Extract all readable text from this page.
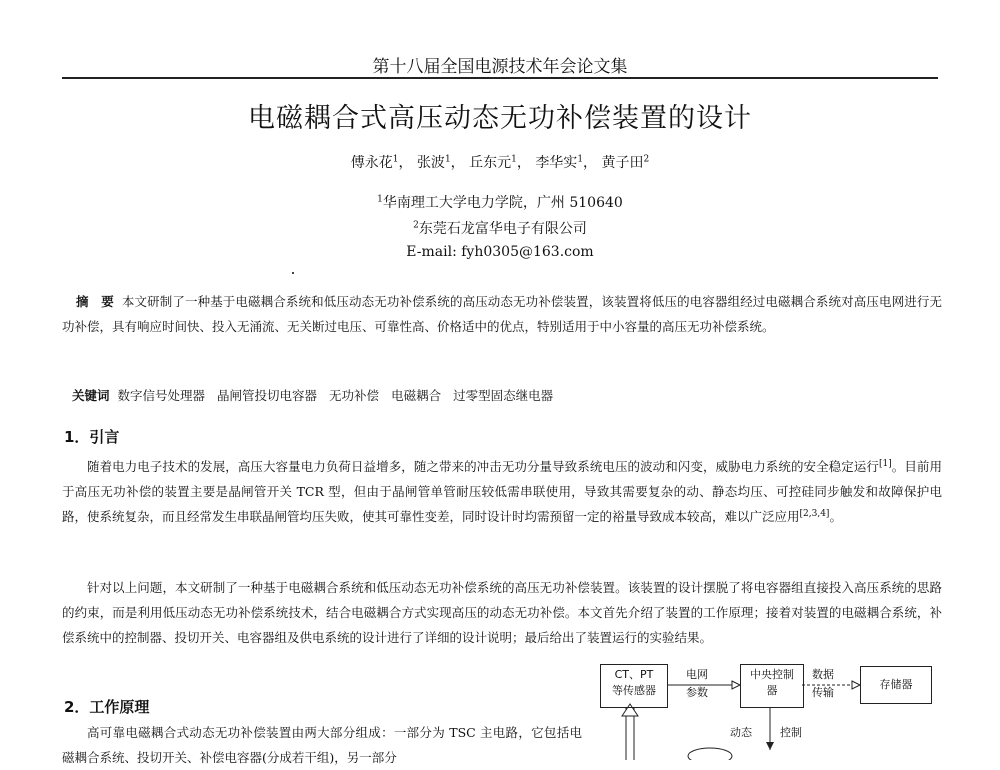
第十八届全国电源技术年会论文集
电磁耦合式高压动态无功补偿装置的设计
傅永花$^1$， 张波$^1$， 丘东元$^1$， 李华实$^1$， 黄子田$^2$
$^1$华南理工大学电力学院，广州 510640
$^2$东莞石龙富华电子有限公司
E-mail: fyh0305@163.com
摘　要 本文研制了一种基于电磁耦合系统和低压动态无功补偿系统的高压动态无功补偿装置，该装置将低压的电容器组经过电磁耦合系统对高压电网进行无功补偿，具有响应时间快、投入无涌流、无关断过电压、可靠性高、价格适中的优点，特别适用于中小容量的高压无功补偿系统。
关键词 数字信号处理器 晶闸管投切电容器 无功补偿 电磁耦合 过零型固态继电器
1．引言
随着电力电子技术的发展，高压大容量电力负荷日益增多，随之带来的冲击无功分量导致系统电压的波动和闪变，威胁电力系统的安全稳定运行[1]。目前用于高压无功补偿的装置主要是晶闸管开关 TCR 型，但由于晶闸管单管耐压较低需串联使用，导致其需要复杂的动、静态均压、可控硅同步触发和故障保护电路，使系统复杂，而且经常发生串联晶闸管均压失败，使其可靠性变差，同时设计时均需预留一定的裕量导致成本较高，难以广泛应用[2,3,4]。
针对以上问题，本文研制了一种基于电磁耦合系统和低压动态无功补偿系统的高压无功补偿装置。该装置的设计摆脱了将电容器组直接投入高压系统的思路的约束，而是利用低压动态无功补偿系统技术，结合电磁耦合方式实现高压的动态无功补偿。本文首先介绍了装置的工作原理；接着对装置的电磁耦合系统，补偿系统中的控制器、投切开关、电容器组及供电系统的设计进行了详细的设计说明；最后给出了装置运行的实验结果。
2．工作原理
高可靠电磁耦合式动态无功补偿装置由两大部分组成：一部分为 TSC 主电路，它包括电磁耦合系统、投切开关、补偿电容器(分成若干组)，另一部分
CT、PT
等传感器
电网
参数
中央控制
器
数据
传输
存储器
动态	控制
